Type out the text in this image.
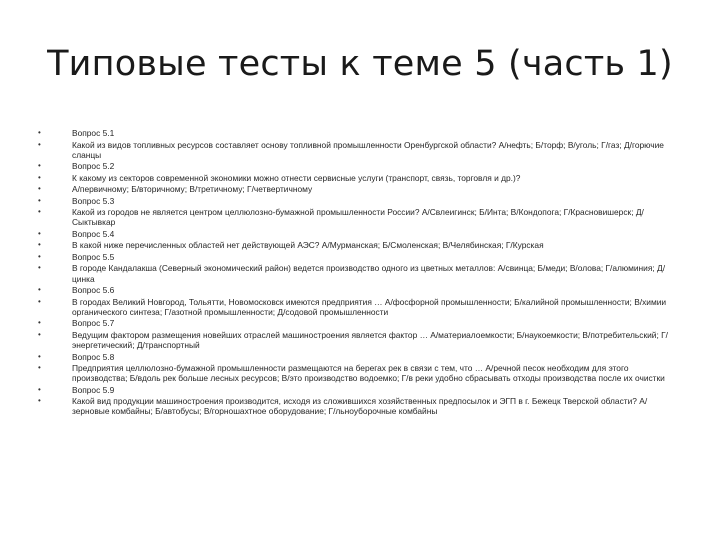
Типовые тесты к теме 5 (часть 1)
•	Вопрос 5.1
•	Какой из видов топливных ресурсов составляет основу топливной промышленности Оренбургской области? А/нефть; Б/торф; В/уголь; Г/газ; Д/горючие сланцы
•	Вопрос 5.2
•	К какому из секторов современной экономики можно отнести сервисные услуги (транспорт, связь, торговля и др.)?
•	А/первичному; Б/вторичному; В/третичному; Г/четвертичному
•	Вопрос 5.3
•	Какой из городов не является центром целлюлозно-бумажной промышленности России? А/Свлеигинск; Б/Инта; В/Кондопога; Г/Красновишерск; Д/Сыктывкар
•	Вопрос 5.4
•	В какой ниже перечисленных областей нет действующей АЭС? А/Мурманская; Б/Смоленская; В/Челябинская; Г/Курская
•	Вопрос 5.5
•	В городе Кандалакша (Северный экономический район) ведется производство одного из цветных металлов: А/свинца; Б/меди; В/олова; Г/алюминия; Д/цинка
•	Вопрос 5.6
•	В городах Великий Новгород, Тольятти, Новомосковск имеются предприятия … А/фосфорной промышленности; Б/калийной промышленности; В/химии органического синтеза; Г/азотной промышленности; Д/содовой промышленности
•	Вопрос 5.7
•	Ведущим фактором размещения новейших отраслей машиностроения является фактор … А/материалоемкости; Б/наукоемкости; В/потребительский; Г/энергетический; Д/транспортный
•	Вопрос 5.8
•	Предприятия целлюлозно-бумажной промышленности размещаются на берегах рек в связи с тем, что … А/речной песок необходим для этого производства; Б/вдоль рек больше лесных ресурсов; В/это производство водоемко; Г/в реки удобно сбрасывать отходы производства после их очистки
•	Вопрос 5.9
•	Какой вид продукции машиностроения производится, исходя из сложившихся хозяйственных предпосылок и ЭГП в г. Бежецк Тверской области? А/зерновые комбайны; Б/автобусы; В/горношахтное оборудование; Г/льноуборочные комбайны
